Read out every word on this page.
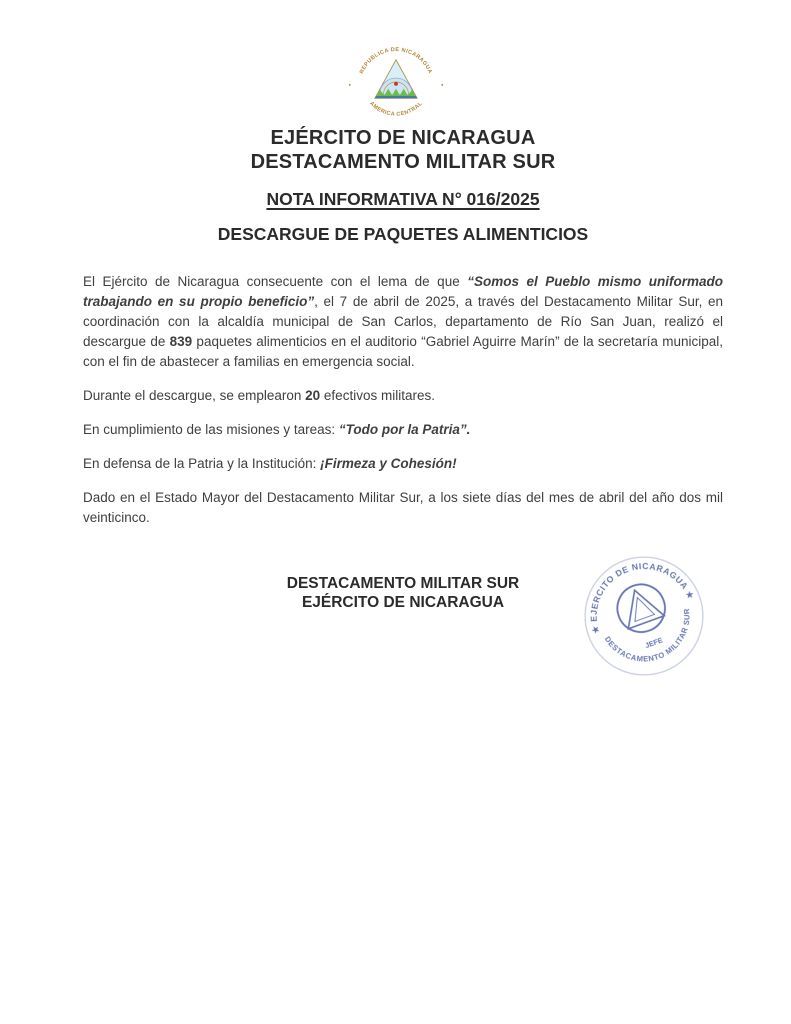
REPUBLICA DE NICARAGUA
AMERICA CENTRAL
EJÉRCITO DE NICARAGUA
DESTACAMENTO MILITAR SUR
NOTA INFORMATIVA N° 016/2025
DESCARGUE DE PAQUETES ALIMENTICIOS

El Ejército de Nicaragua consecuente con el lema de que “Somos el Pueblo mismo uniformado trabajando en su propio beneficio”, el 7 de abril de 2025, a través del Destacamento Militar Sur, en coordinación con la alcaldía municipal de San Carlos, departamento de Río San Juan, realizó el descargue de 839 paquetes alimenticios en el auditorio “Gabriel Aguirre Marín” de la secretaría municipal, con el fin de abastecer a familias en emergencia social.

Durante el descargue, se emplearon 20 efectivos militares.

En cumplimiento de las misiones y tareas: “Todo por la Patria”.

En defensa de la Patria y la Institución: ¡Firmeza y Cohesión!

Dado en el Estado Mayor del Destacamento Militar Sur, a los siete días del mes de abril del año dos mil veinticinco.

DESTACAMENTO MILITAR SUR
EJÉRCITO DE NICARAGUA
★ EJERCITO DE NICARAGUA ★
DESTACAMENTO MILITAR SUR
JEFE
